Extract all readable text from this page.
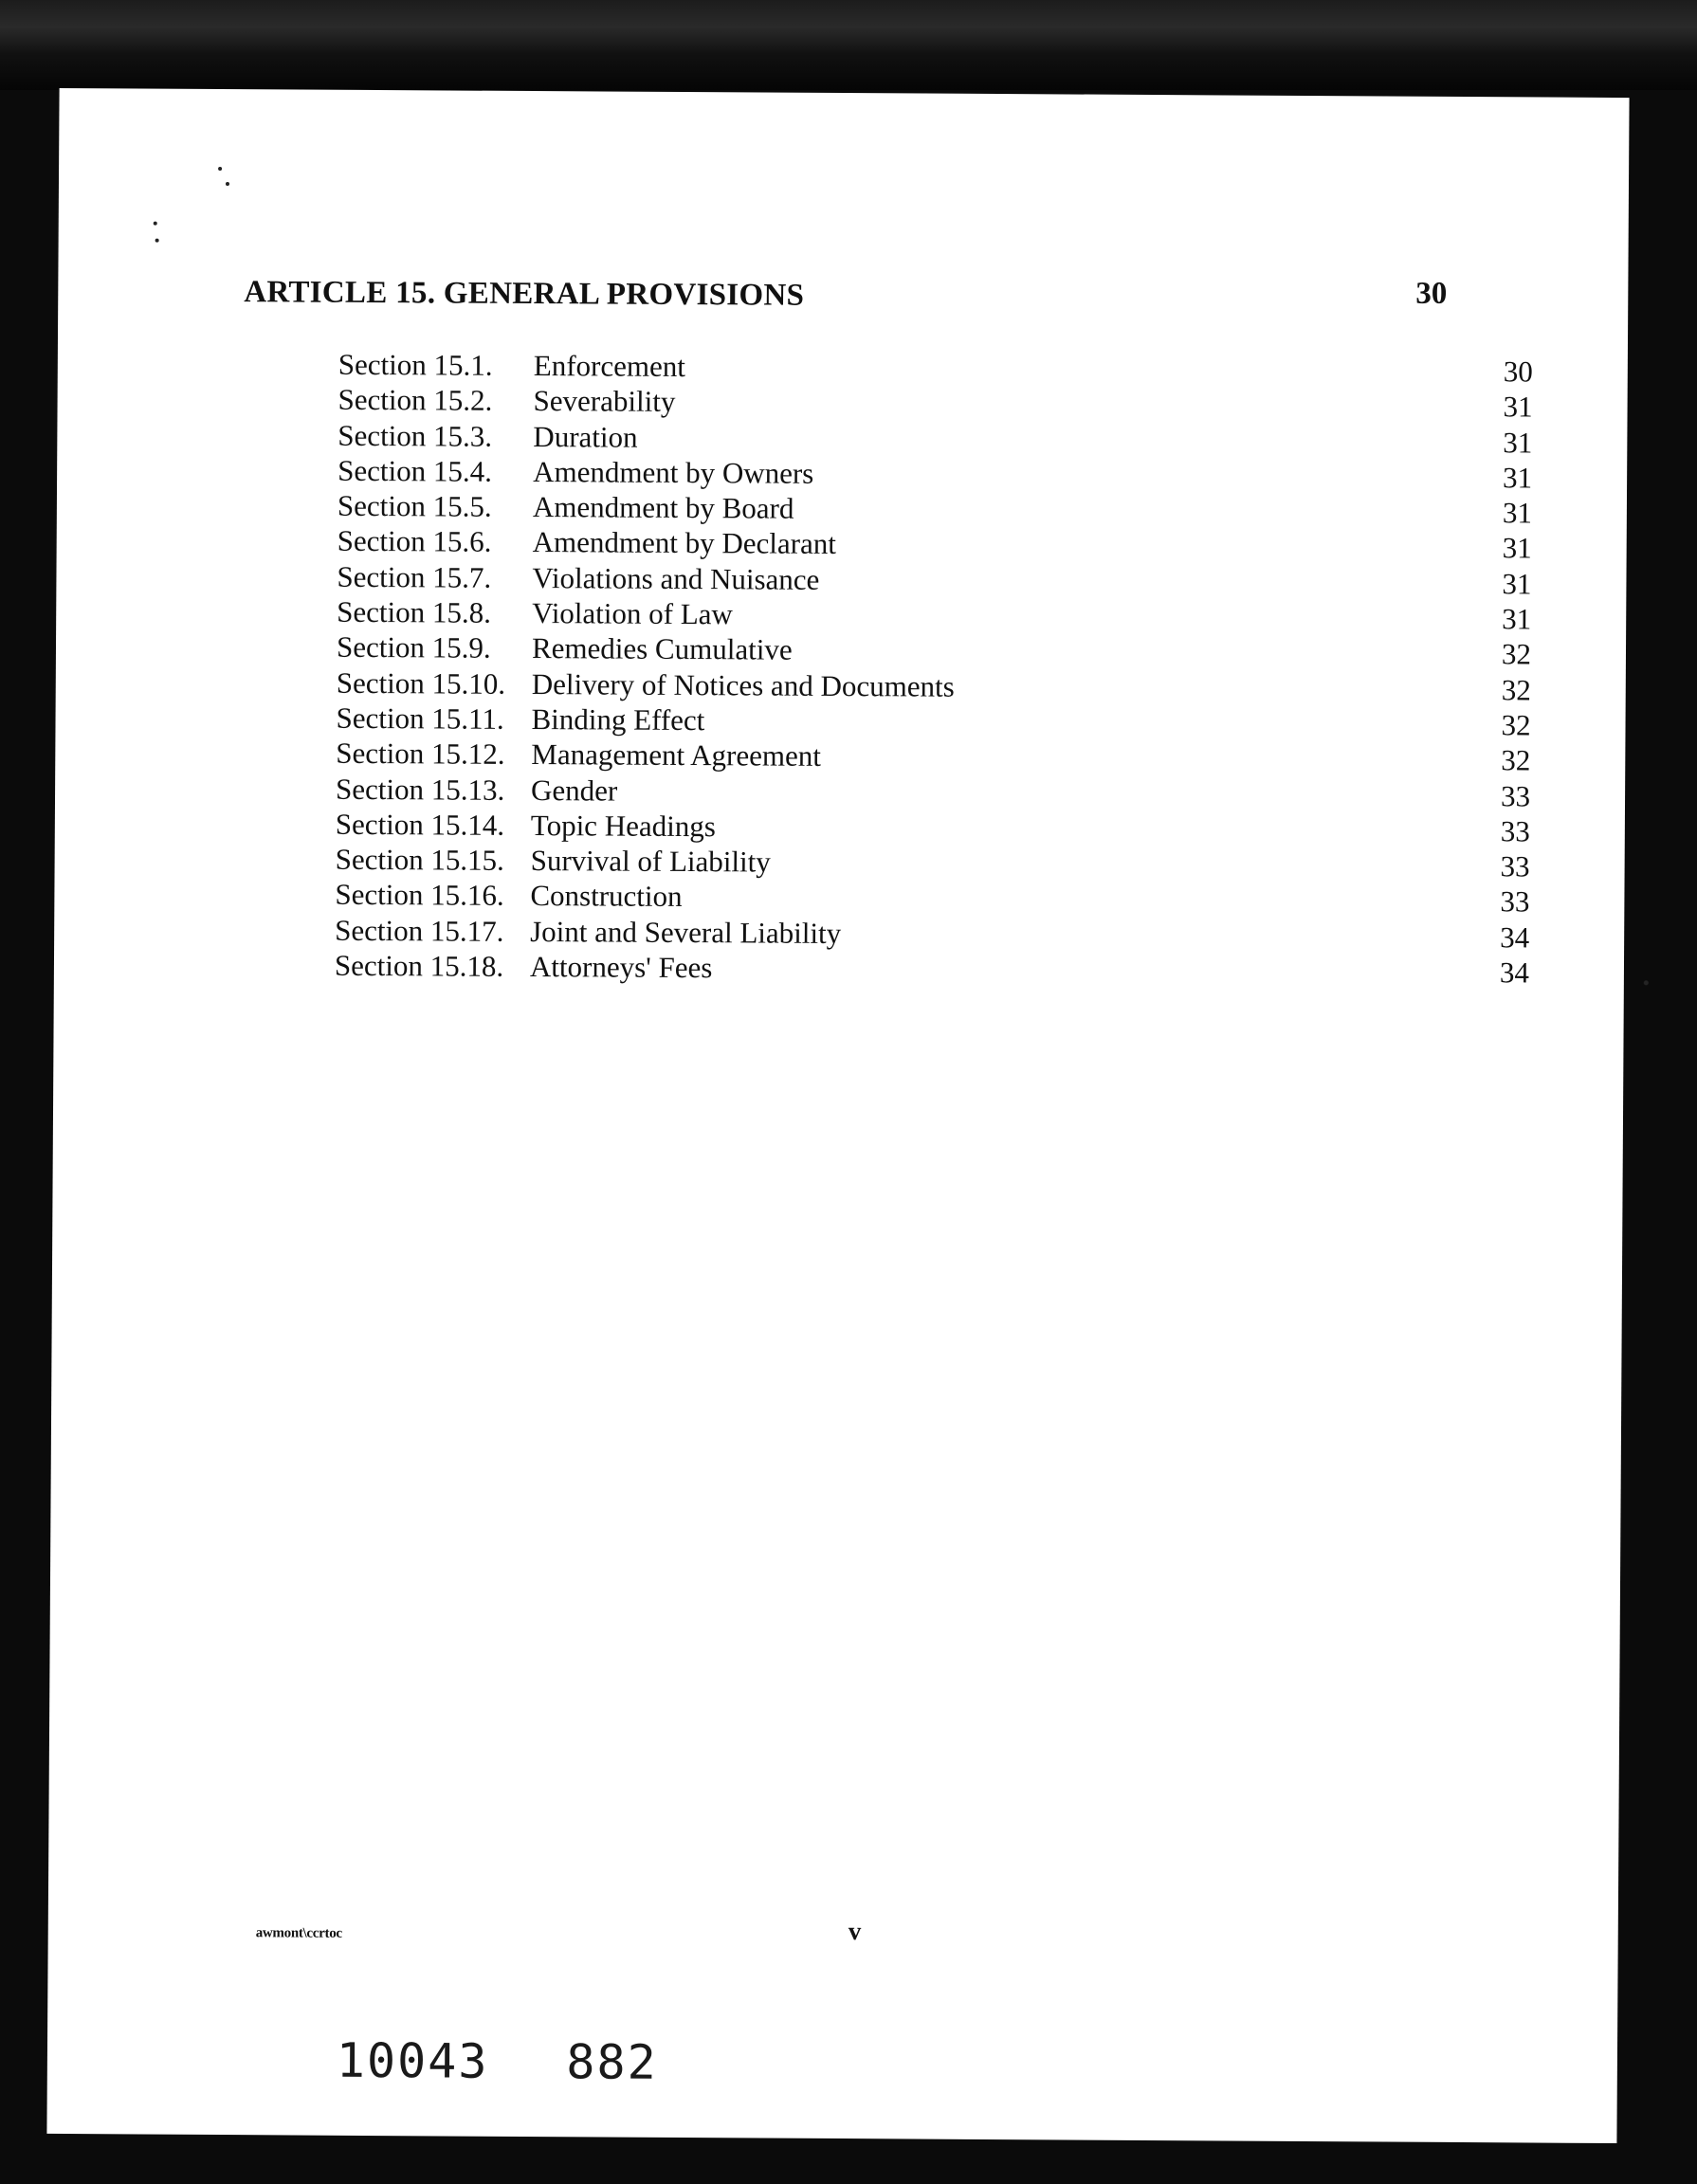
ARTICLE 15. GENERAL PROVISIONS	30
Section 15.1.	Enforcement	30
Section 15.2.	Severability	31
Section 15.3.	Duration	31
Section 15.4.	Amendment by Owners	31
Section 15.5.	Amendment by Board	31
Section 15.6.	Amendment by Declarant	31
Section 15.7.	Violations and Nuisance	31
Section 15.8.	Violation of Law	31
Section 15.9.	Remedies Cumulative	32
Section 15.10. Delivery of Notices and Documents	32
Section 15.11. Binding Effect	32
Section 15.12. Management Agreement	32
Section 15.13. Gender	33
Section 15.14. Topic Headings	33
Section 15.15. Survival of Liability	33
Section 15.16. Construction	33
Section 15.17. Joint and Several Liability	34
Section 15.18. Attorneys' Fees	34
awmont\ccrtoc	v
10043 882
